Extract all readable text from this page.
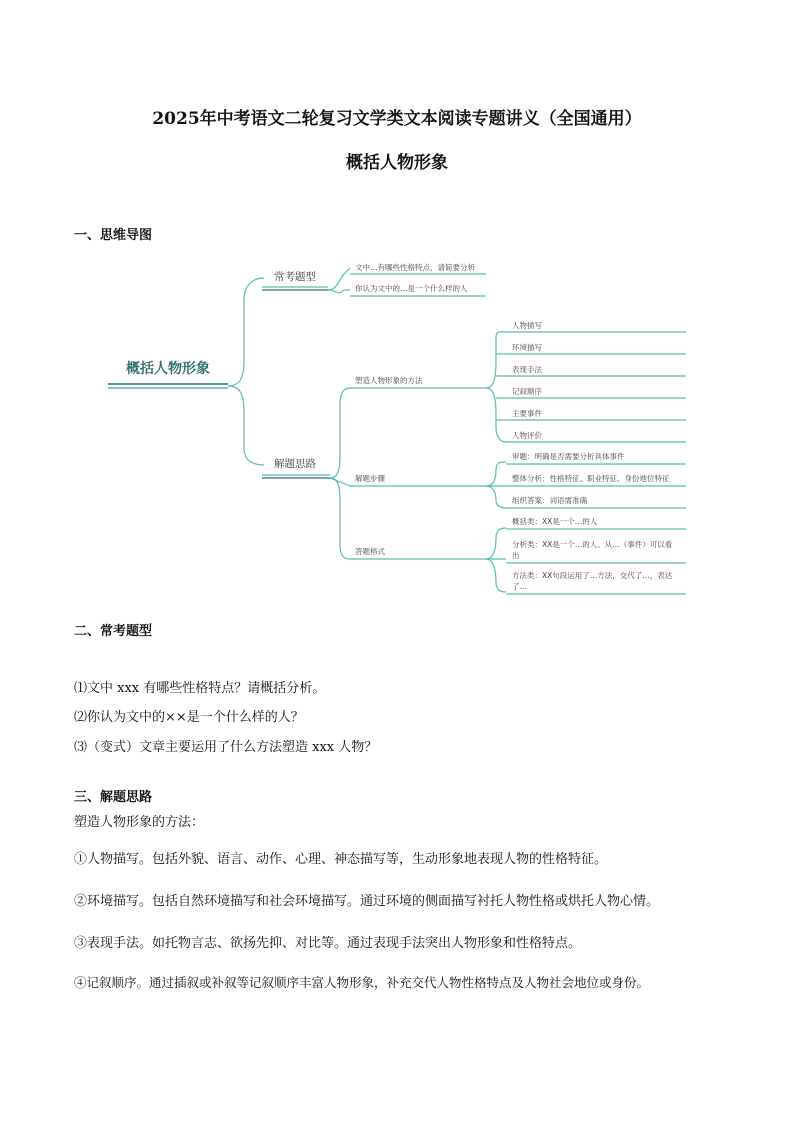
2025年中考语文二轮复习文学类文本阅读专题讲义（全国通用）
概括人物形象
一、思维导图
概括人物形象
常考题型
解题思路
文中…有哪些性格特点，请简要分析
你认为文中的…是一个什么样的人
塑造人物形象的方法
解题步骤
答题格式
人物描写
环境描写
表现手法
记叙顺序
主要事件
人物评价
审题：明确是否需要分析具体事件
整体分析：性格特征、职业特征、身份地位特征
组织答案：词语需准确
概括类：XX是一个…的人
分析类：XX是一个…的人。从…（事件）可以看
出
方法类：XX句段运用了…方法，交代了…，表达
了…
二、常考题型
⑴文中 xxx 有哪些性格特点？请概括分析。
⑵你认为文中的××是一个什么样的人？
⑶（变式）文章主要运用了什么方法塑造 xxx 人物？
三、解题思路
塑造人物形象的方法：
①人物描写。包括外貌、语言、动作、心理、神态描写等，生动形象地表现人物的性格特征。
②环境描写。包括自然环境描写和社会环境描写。通过环境的侧面描写衬托人物性格或烘托人物心情。
③表现手法。如托物言志、欲扬先抑、对比等。通过表现手法突出人物形象和性格特点。
④记叙顺序。通过插叙或补叙等记叙顺序丰富人物形象，补充交代人物性格特点及人物社会地位或身份。
